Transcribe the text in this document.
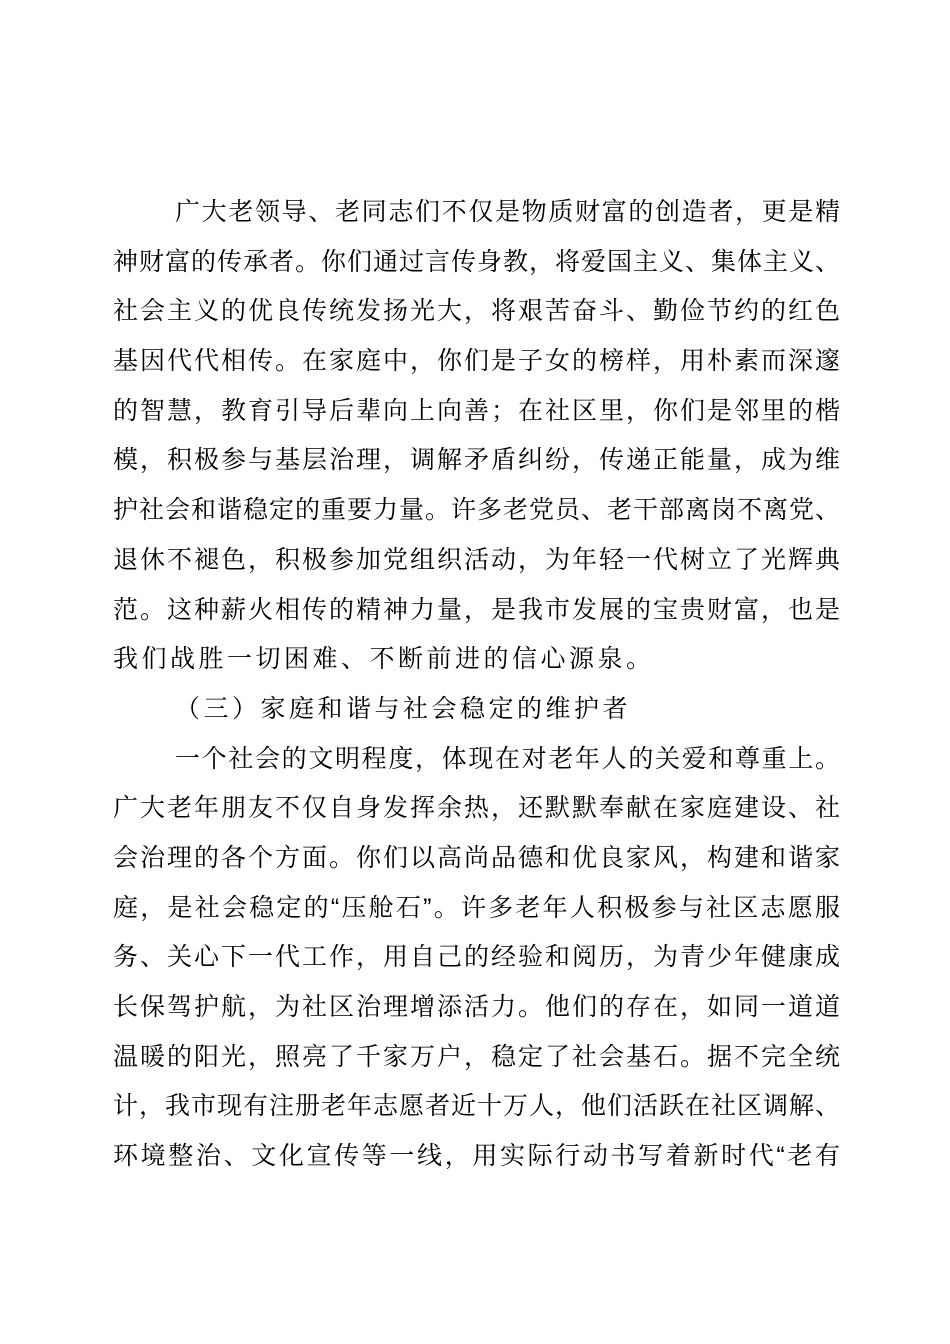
广大老领导、老同志们不仅是物质财富的创造者，更是精
神财富的传承者。你们通过言传身教，将爱国主义、集体主义、
社会主义的优良传统发扬光大，将艰苦奋斗、勤俭节约的红色
基因代代相传。在家庭中，你们是子女的榜样，用朴素而深邃
的智慧，教育引导后辈向上向善；在社区里，你们是邻里的楷
模，积极参与基层治理，调解矛盾纠纷，传递正能量，成为维
护社会和谐稳定的重要力量。许多老党员、老干部离岗不离党、
退休不褪色，积极参加党组织活动，为年轻一代树立了光辉典
范。这种薪火相传的精神力量，是我市发展的宝贵财富，也是
我们战胜一切困难、不断前进的信心源泉。
（三）家庭和谐与社会稳定的维护者
一个社会的文明程度，体现在对老年人的关爱和尊重上。
广大老年朋友不仅自身发挥余热，还默默奉献在家庭建设、社
会治理的各个方面。你们以高尚品德和优良家风，构建和谐家
庭，是社会稳定的“压舱石”。许多老年人积极参与社区志愿服
务、关心下一代工作，用自己的经验和阅历，为青少年健康成
长保驾护航，为社区治理增添活力。他们的存在，如同一道道
温暖的阳光，照亮了千家万户，稳定了社会基石。据不完全统
计，我市现有注册老年志愿者近十万人，他们活跃在社区调解、
环境整治、文化宣传等一线，用实际行动书写着新时代“老有
